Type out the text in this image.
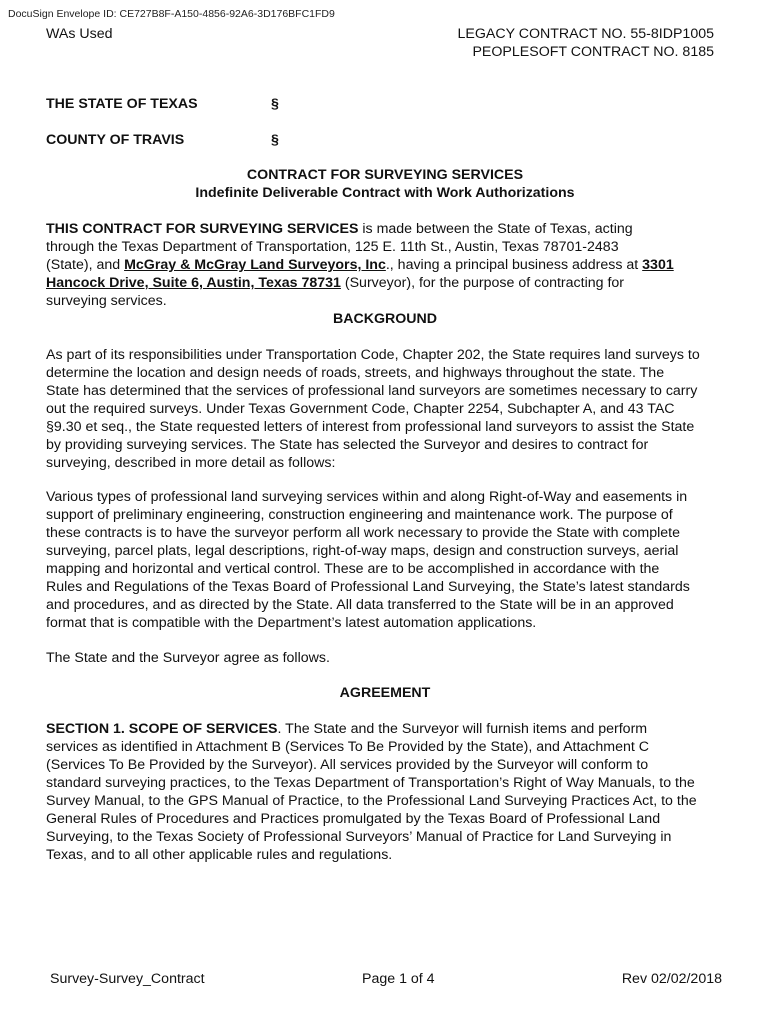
DocuSign Envelope ID: CE727B8F-A150-4856-92A6-3D176BFC1FD9
WAs Used	LEGACY CONTRACT NO. 55-8IDP1005
PEOPLESOFT CONTRACT NO. 8185
THE STATE OF TEXAS	§
COUNTY OF TRAVIS	§
CONTRACT FOR SURVEYING SERVICES
Indefinite Deliverable Contract with Work Authorizations
THIS CONTRACT FOR SURVEYING SERVICES is made between the State of Texas, acting
through the Texas Department of Transportation, 125 E. 11th St., Austin, Texas 78701-2483
(State), and McGray & McGray Land Surveyors, Inc., having a principal business address at 3301
Hancock Drive, Suite 6, Austin, Texas 78731 (Surveyor), for the purpose of contracting for
surveying services.
BACKGROUND
As part of its responsibilities under Transportation Code, Chapter 202, the State requires land surveys to
determine the location and design needs of roads, streets, and highways throughout the state. The
State has determined that the services of professional land surveyors are sometimes necessary to carry
out the required surveys. Under Texas Government Code, Chapter 2254, Subchapter A, and 43 TAC
§9.30 et seq., the State requested letters of interest from professional land surveyors to assist the State
by providing surveying services. The State has selected the Surveyor and desires to contract for
surveying, described in more detail as follows:
Various types of professional land surveying services within and along Right-of-Way and easements in
support of preliminary engineering, construction engineering and maintenance work. The purpose of
these contracts is to have the surveyor perform all work necessary to provide the State with complete
surveying, parcel plats, legal descriptions, right-of-way maps, design and construction surveys, aerial
mapping and horizontal and vertical control. These are to be accomplished in accordance with the
Rules and Regulations of the Texas Board of Professional Land Surveying, the State’s latest standards
and procedures, and as directed by the State. All data transferred to the State will be in an approved
format that is compatible with the Department’s latest automation applications.
The State and the Surveyor agree as follows.
AGREEMENT
SECTION 1. SCOPE OF SERVICES. The State and the Surveyor will furnish items and perform
services as identified in Attachment B (Services To Be Provided by the State), and Attachment C
(Services To Be Provided by the Surveyor). All services provided by the Surveyor will conform to
standard surveying practices, to the Texas Department of Transportation’s Right of Way Manuals, to the
Survey Manual, to the GPS Manual of Practice, to the Professional Land Surveying Practices Act, to the
General Rules of Procedures and Practices promulgated by the Texas Board of Professional Land
Surveying, to the Texas Society of Professional Surveyors’ Manual of Practice for Land Surveying in
Texas, and to all other applicable rules and regulations.
Survey-Survey_Contract	Page 1 of 4	Rev 02/02/2018
